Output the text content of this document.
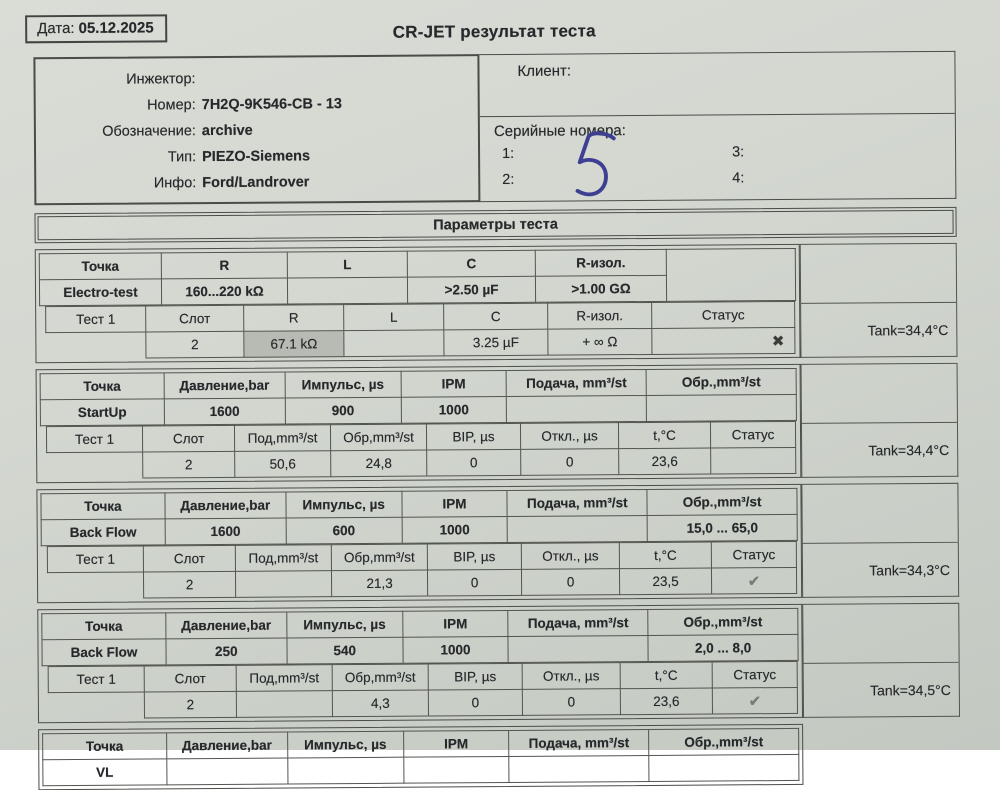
Дата: 05.12.2025	CR-JET результат теста
Инжектор:
Номер: 7H2Q-9K546-CB - 13
Обозначение: archive
Тип: PIEZO-Siemens
Инфо: Ford/Landrover
Клиент:
Серийные номера:
1:	3:
2:	4:
Параметры теста
Точка	R	L	C	R-изол.
Electro-test	160...220 kΩ		>2.50 µF	>1.00 GΩ
Тест 1	Слот	R	L	C	R-изол.	Статус
	2	67.1 kΩ		3.25 µF	+ ∞ Ω	✖
Tank=34,4°C
Точка	Давление,bar	Импульс, µs	IPM	Подача, mm³/st	Обр.,mm³/st
StartUp	1600	900	1000		
Тест 1	Слот	Под,mm³/st	Обр,mm³/st	BIP, µs	Откл., µs	t,°C	Статус
	2	50,6	24,8	0	0	23,6	
Tank=34,4°C
Точка	Давление,bar	Импульс, µs	IPM	Подача, mm³/st	Обр.,mm³/st
Back Flow	1600	600	1000		15,0 ... 65,0
Тест 1	Слот	Под,mm³/st	Обр,mm³/st	BIP, µs	Откл., µs	t,°C	Статус
	2		21,3	0	0	23,5	✔
Tank=34,3°C
Точка	Давление,bar	Импульс, µs	IPM	Подача, mm³/st	Обр.,mm³/st
Back Flow	250	540	1000		2,0 ... 8,0
Тест 1	Слот	Под,mm³/st	Обр,mm³/st	BIP, µs	Откл., µs	t,°C	Статус
	2		4,3	0	0	23,6	✔
Tank=34,5°C
Точка	Давление,bar	Импульс, µs	IPM	Подача, mm³/st	Обр.,mm³/st
VL					
